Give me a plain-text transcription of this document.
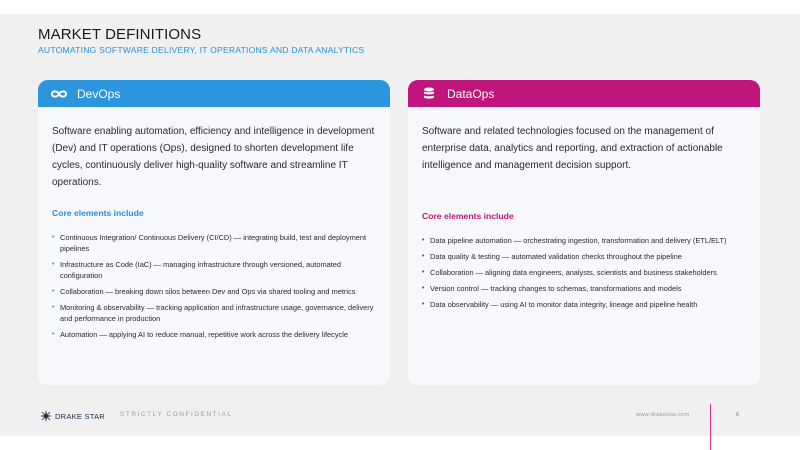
MARKET DEFINITIONS
AUTOMATING SOFTWARE DELIVERY, IT OPERATIONS AND DATA ANALYTICS
DevOps

Software enabling automation, efficiency and intelligence in development (Dev) and IT operations (Ops), designed to shorten development life cycles, continuously deliver high-quality software and streamline IT operations.

Core elements include
• Continuous Integration/ Continuous Delivery (CI/CD) — integrating build, test and deployment pipelines
• Infrastructure as Code (IaC) — managing infrastructure through versioned, automated configuration
• Collaboration — breaking down silos between Dev and Ops via shared tooling and metrics
• Monitoring & observability — tracking application and infrastructure usage, governance, delivery and performance in production
• Automation — applying AI to reduce manual, repetitive work across the delivery lifecycle
DataOps

Software and related technologies focused on the management of enterprise data, analytics and reporting, and extraction of actionable intelligence and management decision support.

Core elements include
• Data pipeline automation — orchestrating ingestion, transformation and delivery (ETL/ELT)
• Data quality & testing — automated validation checks throughout the pipeline
• Collaboration — aligning data engineers, analysts, scientists and business stakeholders
• Version control — tracking changes to schemas, transformations and models
• Data observability — using AI to monitor data integrity, lineage and pipeline health
DRAKE STAR STRICTLY CONFIDENTIAL	www.drakestar.com	6
